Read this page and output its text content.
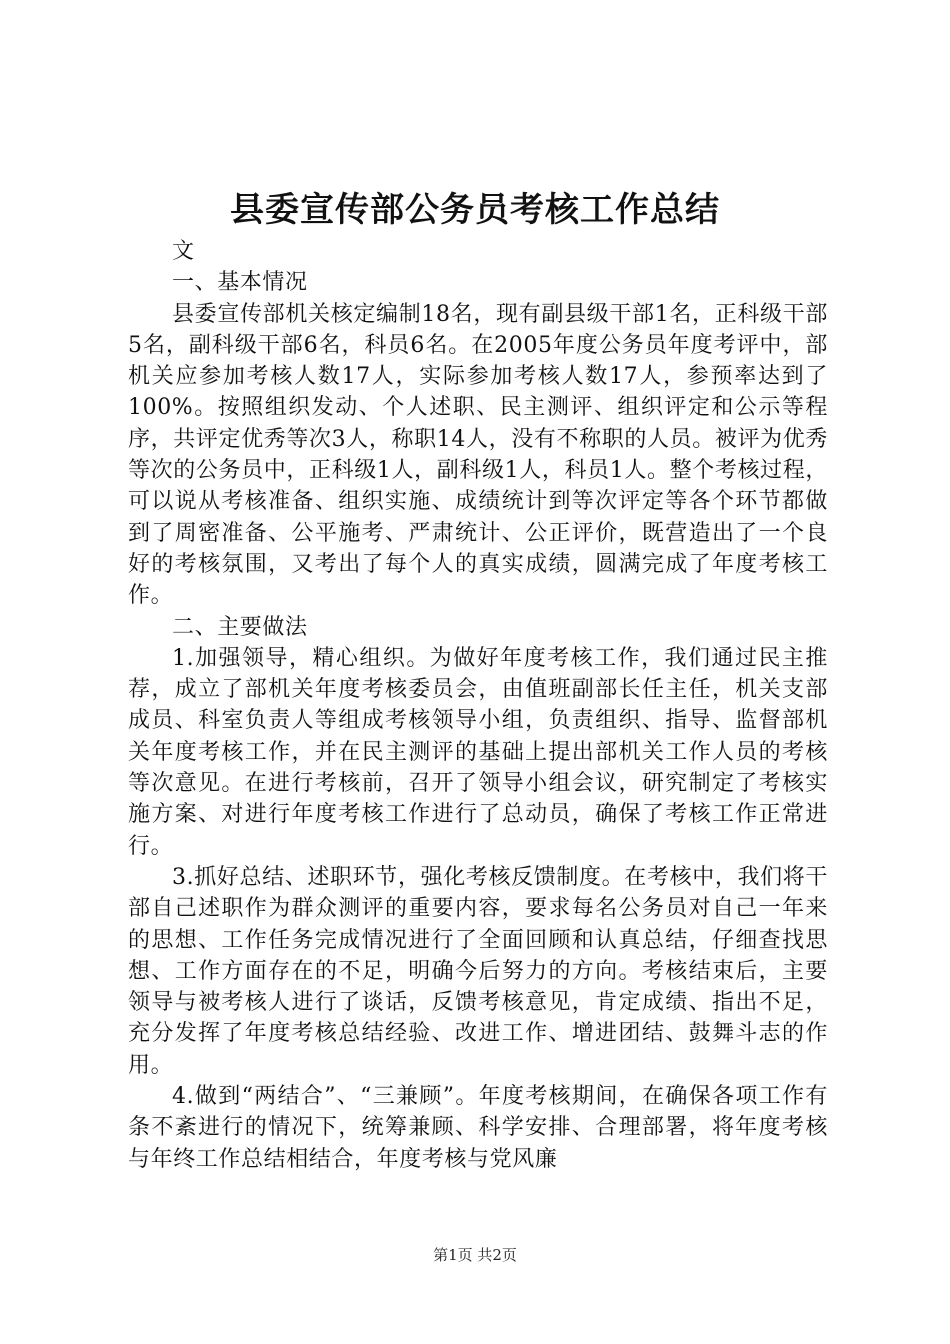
县委宣传部公务员考核工作总结

文

一、基本情况

县委宣传部机关核定编制18名，现有副县级干部1名，正科级干部5名，副科级干部6名，科员6名。在2005年度公务员年度考评中，部机关应参加考核人数17人，实际参加考核人数17人，参预率达到了100%。按照组织发动、个人述职、民主测评、组织评定和公示等程序，共评定优秀等次3人，称职14人，没有不称职的人员。被评为优秀等次的公务员中，正科级1人，副科级1人，科员1人。整个考核过程，可以说从考核准备、组织实施、成绩统计到等次评定等各个环节都做到了周密准备、公平施考、严肃统计、公正评价，既营造出了一个良好的考核氛围，又考出了每个人的真实成绩，圆满完成了年度考核工作。

二、主要做法

1.加强领导，精心组织。为做好年度考核工作，我们通过民主推荐，成立了部机关年度考核委员会，由值班副部长任主任，机关支部成员、科室负责人等组成考核领导小组，负责组织、指导、监督部机关年度考核工作，并在民主测评的基础上提出部机关工作人员的考核等次意见。在进行考核前，召开了领导小组会议，研究制定了考核实施方案、对进行年度考核工作进行了总动员，确保了考核工作正常进行。

3.抓好总结、述职环节，强化考核反馈制度。在考核中，我们将干部自己述职作为群众测评的重要内容，要求每名公务员对自己一年来的思想、工作任务完成情况进行了全面回顾和认真总结，仔细查找思想、工作方面存在的不足，明确今后努力的方向。考核结束后，主要领导与被考核人进行了谈话，反馈考核意见，肯定成绩、指出不足，充分发挥了年度考核总结经验、改进工作、增进团结、鼓舞斗志的作用。

4.做到“两结合”、“三兼顾”。年度考核期间，在确保各项工作有条不紊进行的情况下，统筹兼顾、科学安排、合理部署，将年度考核与年终工作总结相结合，年度考核与党风廉

第1页 共2页
